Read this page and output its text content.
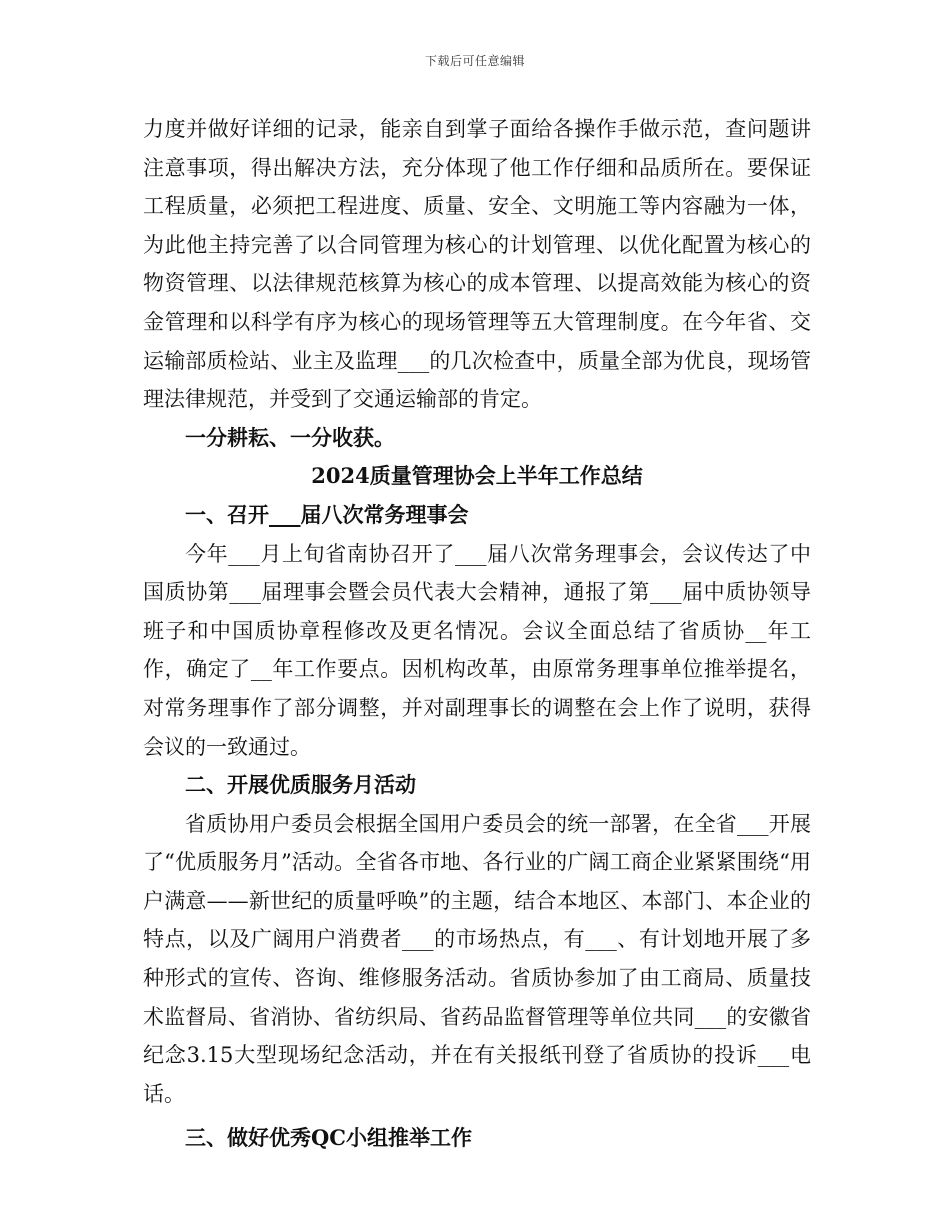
下载后可任意编辑

力度并做好详细的记录，能亲自到掌子面给各操作手做示范，查问题讲注意事项，得出解决方法，充分体现了他工作仔细和品质所在。要保证工程质量，必须把工程进度、质量、安全、文明施工等内容融为一体，为此他主持完善了以合同管理为核心的计划管理、以优化配置为核心的物资管理、以法律规范核算为核心的成本管理、以提高效能为核心的资金管理和以科学有序为核心的现场管理等五大管理制度。在今年省、交运输部质检站、业主及监理___的几次检查中，质量全部为优良，现场管理法律规范，并受到了交通运输部的肯定。

一分耕耘、一分收获。

2024质量管理协会上半年工作总结

一、召开___届八次常务理事会

今年___月上旬省南协召开了___届八次常务理事会，会议传达了中国质协第___届理事会暨会员代表大会精神，通报了第___届中质协领导班子和中国质协章程修改及更名情况。会议全面总结了省质协__年工作，确定了__年工作要点。因机构改革，由原常务理事单位推举提名，对常务理事作了部分调整，并对副理事长的调整在会上作了说明，获得会议的一致通过。

二、开展优质服务月活动

省质协用户委员会根据全国用户委员会的统一部署，在全省___开展了“优质服务月”活动。全省各市地、各行业的广阔工商企业紧紧围绕“用户满意——新世纪的质量呼唤”的主题，结合本地区、本部门、本企业的特点，以及广阔用户消费者___的市场热点，有___、有计划地开展了多种形式的宣传、咨询、维修服务活动。省质协参加了由工商局、质量技术监督局、省消协、省纺织局、省药品监督管理等单位共同___的安徽省纪念3.15大型现场纪念活动，并在有关报纸刊登了省质协的投诉___电话。

三、做好优秀QC小组推举工作
